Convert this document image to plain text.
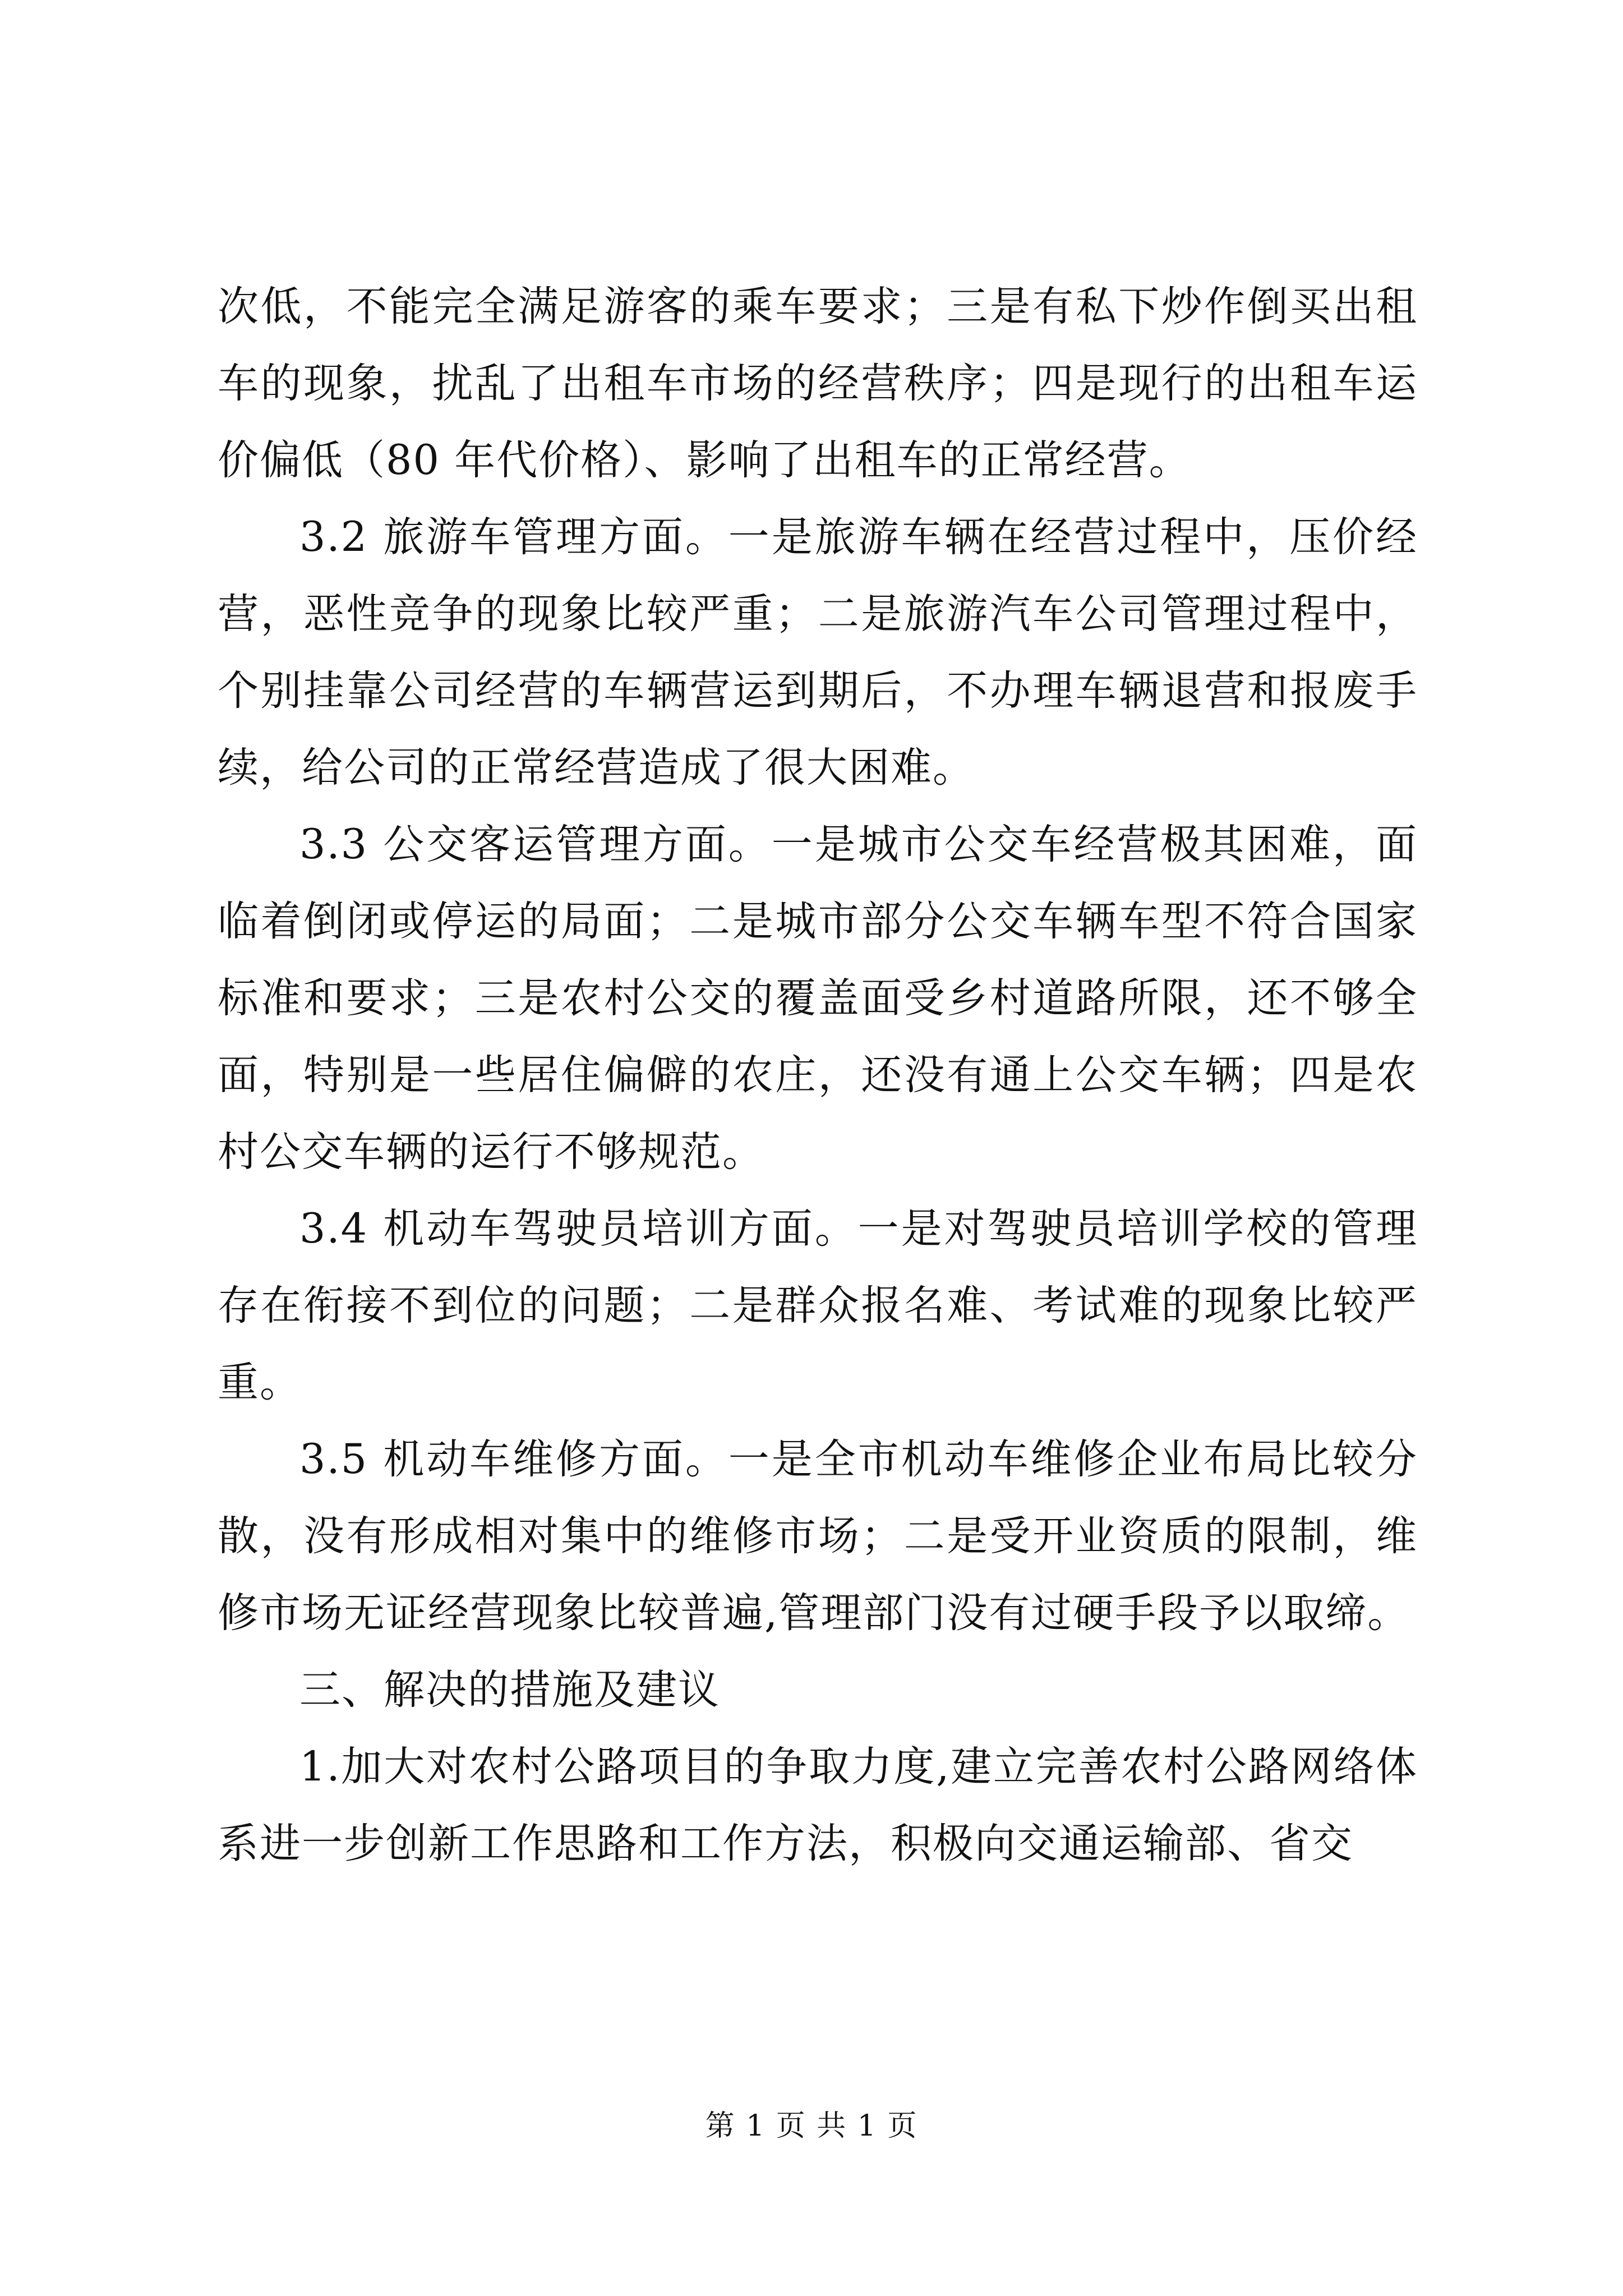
次低，不能完全满足游客的乘车要求；三是有私下炒作倒买出租车的现象，扰乱了出租车市场的经营秩序；四是现行的出租车运价偏低（80 年代价格）、影响了出租车的正常经营。

3.2 旅游车管理方面。一是旅游车辆在经营过程中，压价经营，恶性竞争的现象比较严重；二是旅游汽车公司管理过程中，个别挂靠公司经营的车辆营运到期后，不办理车辆退营和报废手续，给公司的正常经营造成了很大困难。

3.3 公交客运管理方面。一是城市公交车经营极其困难，面临着倒闭或停运的局面；二是城市部分公交车辆车型不符合国家标准和要求；三是农村公交的覆盖面受乡村道路所限，还不够全面，特别是一些居住偏僻的农庄，还没有通上公交车辆；四是农村公交车辆的运行不够规范。

3.4 机动车驾驶员培训方面。一是对驾驶员培训学校的管理存在衔接不到位的问题；二是群众报名难、考试难的现象比较严重。

3.5 机动车维修方面。一是全市机动车维修企业布局比较分散，没有形成相对集中的维修市场；二是受开业资质的限制，维修市场无证经营现象比较普遍,管理部门没有过硬手段予以取缔。

三、解决的措施及建议

1.加大对农村公路项目的争取力度,建立完善农村公路网络体系进一步创新工作思路和工作方法，积极向交通运输部、省交

第 1 页 共 1 页
